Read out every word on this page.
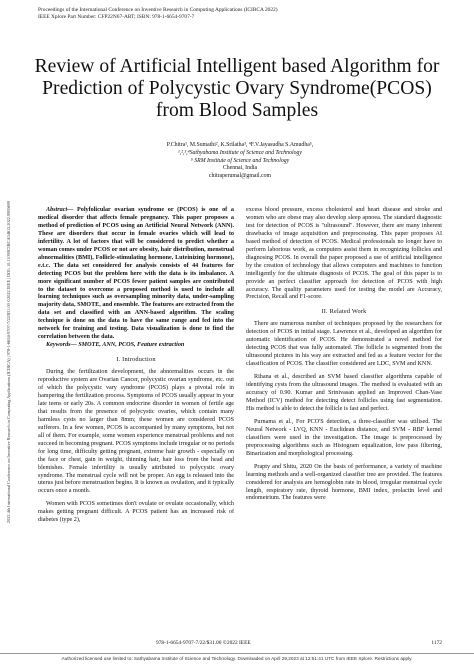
Proceedings of the International Conference on Inventive Research in Computing Applications (ICIRCA 2022)
IEEE Xplore Part Number: CFP22N67-ART; ISBN: 978-1-6654-9707-7
2022 4th International Conference on Inventive Research in Computing Applications (ICIRCA) | 978-1-6654-9707-7/22/$31.00 ©2022 IEEE | DOI: 10.1109/ICIRCA54612.2022.9985699
Review of Artificial Intelligent based Algorithm for
Prediction of Polycystic Ovary Syndrome(PCOS)
from Blood Samples
P.Chitra¹, M.Sumathi², K.Srilatha³, ⁴F.V.Jayasudha S.Amudha⁵,
¹,²,³,⁴Sathyabama Institute of Science and Technology
⁵ SRM Institute of Science and Technology
Chennai, India
chitraperumal@gmail.com

Abstract— Polyfolicular ovarian syndrome or (PCOS) is one of a medical disorder that affects female pregnancy. This paper proposes a method of prediction of PCOS using an Artificial Neural Network (ANN). These are disorders that occur in female ovaries which will lead to infertility. A lot of factors that will be considered to predict whether a woman comes under PCOS or not are obesity, hair distribution, menstrual abnormalities (BMI), Follicle-stimulating hormone, Luteinizing hormone), e.t.c. The data set considered for analysis consists of 44 features for detecting PCOS but the problem here with the data is its imbalance. A more significant number of PCOS fewer patient samples are contributed to the dataset to overcome a proposed method is used to include all learning techniques such as oversampling minority data, under-sampling majority data, SMOTE, and ensemble. The features are extracted from the data set and classified with an ANN-based algorithm. The scaling technique is done on the data to have the same range and fed into the network for training and testing. Data visualization is done to find the correlation between the data.

Keywords— SMOTE, ANN, PCOS, Feature extraction

I. Introduction

During the fertilization development, the abnormalities occurs in the reproductive system are Ovarian Cancer, polycystic ovarian syndrome, etc. out of which the polycystic vary syndrome (PCOS) plays a pivotal role in hampering the fertilization process. Symptoms of PCOS usually appear in your late teens or early 20s. A common endocrine disorder in women of fertile age that results from the presence of polycystic ovaries, which contain many harmless cysts no larger than 8mm; these women are considered PCOS sufferers. In a few women, PCOS is accompanied by many symptoms, but not all of them. For example, some women experience menstrual problems and not succeed in becoming pregnant. PCOS symptoms include irregular or no periods for long time, difficulty getting pregnant, extreme hair growth - especially on the face or chest, gain in weight, thinning hair, hair loss from the head and blemishes. Female infertility is usually attributed to polycystic ovary syndrome. The menstrual cycle will not be proper. An egg is released into the uterus just before menstruation begins. It is known as ovulation, and it typically occurs once a month.

Women with PCOS sometimes don't ovulate or ovulate occasionally, which makes getting pregnant difficult. A PCOS patient has an increased risk of diabetes (type 2),

excess blood pressure, excess cholesterol and heart disease and stroke and women who are obese may also develop sleep apnoea. The standard diagnostic test for detection of PCOS is "ultrasound". However, there are many inherent drawbacks of image acquisition and preprocessing. This paper proposes AI based method of detection of PCOS. Medical professionals no longer have to perform laborious work, as computers assist them in recognizing follicles and diagnosing PCOS. In overall the paper proposed a use of artificial intelligence by the creation of technology that allows computers and machines to function intelligently for the ultimate diagnosis of PCOS. The goal of this paper is to provide an perfect classifier approach for detection of PCOS with high accuracy. The quality parameters used for testing the model are Accuracy, Precision, Recall and F1-score.

II. Related Work

There are numerous number of techniques proposed by the researchers for detection of PCOS in initial stage. Lawrence et al., developed an algorithm for automatic identification of PCOS. He demonstrated a novel method for detecting PCOS that was fully automated. The follicle is segmented from the ultrasound pictures in his way are extracted and fed as a feature vector for the classification of PCOS. The classifier considered are LDC, SVM and KNN.

Rihana et al., described an SVM based classifier algorithms capable of identifying cysts from the ultrasound images. The method is evaluated with an accuracy of 0.90. Kumar and Srinivasan applied an Improved Chan-Vase Method (ICV) method for detecting detect follicles using fast segmentation. His method is able to detect the follicle is fast and perfect.

Purnama et al., For PCO'S detection, a three-classifier was utilised. The Neural Network - LVQ, KNN - Euclidean distance, and SVM - RBF kernel classifiers were used in the investigation. The image is preprocessed by preprocessing algorithms such as Histogram equalization, low pass filtering, Binarization and morphological processing.

Prapty and Shitu, 2020 On the basis of performance, a variety of machine learning methods and a well-organized classifier tree are provided. The features considered for analysis are hemoglobin rate in blood, irregular menstrual cycle length, respiratory rate, thyroid hormone, BMI index, prolactin level and endometrium. The features were

978-1-6654-9707-7/22/$31.00 ©2022 IEEE	1172
Authorized licensed use limited to: Sathyabama Institute of Science and Technology. Downloaded on April 29,2023 at 12:51:41 UTC from IEEE Xplore. Restrictions apply.
